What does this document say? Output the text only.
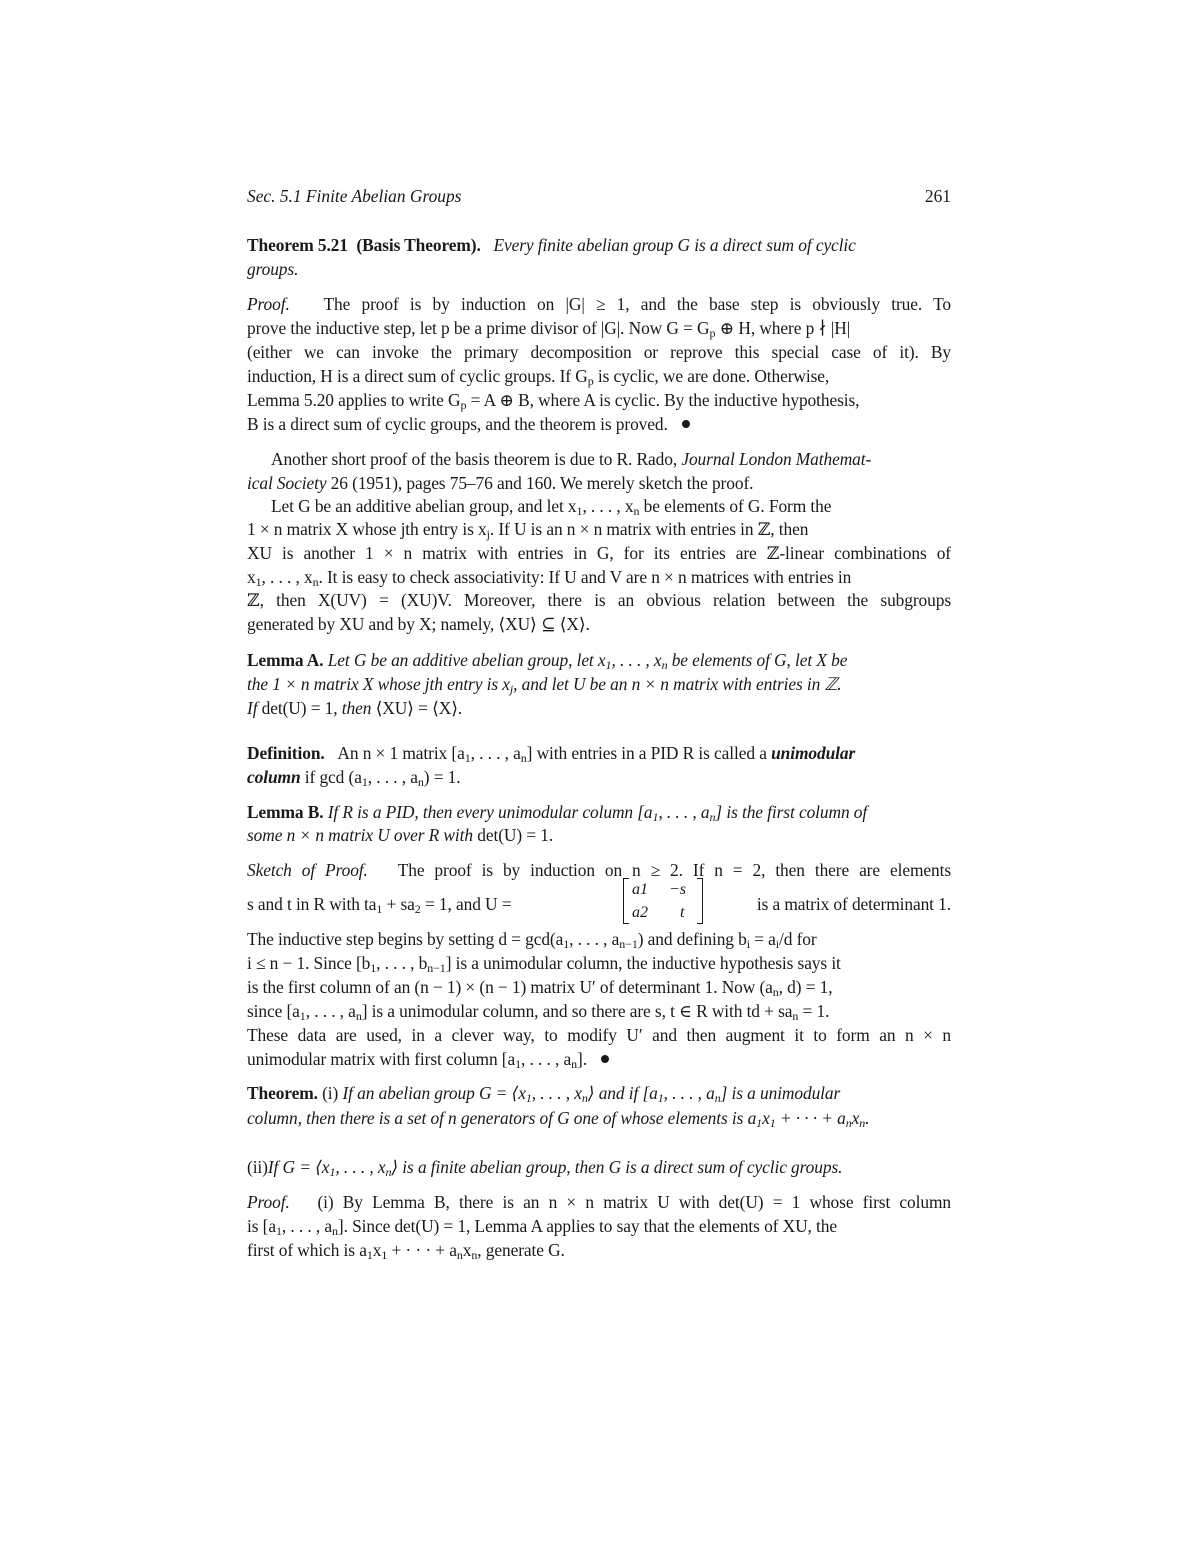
Sec. 5.1 Finite Abelian Groups	261
Theorem 5.21 (Basis Theorem). Every finite abelian group G is a direct sum of cyclic
groups.
Proof. The proof is by induction on |G| ≥ 1, and the base step is obviously true. To
prove the inductive step, let p be a prime divisor of |G|. Now $G = G_p$ ⊕ H, where p ∤ |H|
(either we can invoke the primary decomposition or reprove this special case of it). By
induction, H is a direct sum of cyclic groups. If $G_p$ is cyclic, we are done. Otherwise,
Lemma 5.20 applies to write $G_p = A$ ⊕ B, where A is cyclic. By the inductive hypothesis,
B is a direct sum of cyclic groups, and the theorem is proved.
Another short proof of the basis theorem is due to R. Rado, Journal London Mathemat-
ical Society 26 (1951), pages 75–76 and 160. We merely sketch the proof.
Let G be an additive abelian group, and let $x_1$, . . . , $x_n$ be elements of G. Form the
1 × n matrix X whose jth entry is $x_j$. If U is an n × n matrix with entries in ℤ, then
XU is another 1 × n matrix with entries in G, for its entries are ℤ-linear combinations of
$x_1$, . . . , $x_n$. It is easy to check associativity: If U and V are n × n matrices with entries in
ℤ, then X(UV) = (XU)V. Moreover, there is an obvious relation between the subgroups
generated by XU and by X; namely, ⟨XU⟩ ⊆ ⟨X⟩.
Lemma A. Let G be an additive abelian group, let $x_1$, . . . , $x_n$ be elements of G, let X be
the 1 × n matrix X whose jth entry is $x_j$, and let U be an n × n matrix with entries in ℤ.
If det(U) = 1, then ⟨XU⟩ = ⟨X⟩.
Definition. An n × 1 matrix [$a_1$, . . . , $a_n$] with entries in a PID R is called a unimodular
column if $\gcd (a_1$, . . . , $a_n) = 1$.
Lemma B. If R is a PID, then every unimodular column [$a_1$, . . . , $a_n$] is the first column of
some n × n matrix U over R with det(U) = 1.
Sketch of Proof. The proof is by induction on n ≥ 2. If n = 2, then there are elements
s and t in R with $ta_1 + sa_2 = 1$, and U =
a1 −s
a2 t	is a matrix of determinant 1.
The inductive step begins by setting $d = \gcd(a_1$, . . . , $a_{n-1}$) and defining $b_i = a_i/d$ for
i ≤ n − 1. Since [$b_1$, . . . , $b_{n-1}$] is a unimodular column, the inductive hypothesis says it
is the first column of an (n − 1) × (n − 1) matrix U′ of determinant 1. Now ($a_n$, d) = 1,
since [$a_1$, . . . , $a_n$] is a unimodular column, and so there are s, t ∈ R with td + $sa_n = 1$.
These data are used, in a clever way, to modify U′ and then augment it to form an n × n
unimodular matrix with first column [$a_1$, . . . , $a_n$].
Theorem. (i) If an abelian group $G = ⟨x_1$, . . . , $x_n⟩$ and if [$a_1$, . . . , $a_n$] is a unimodular
column, then there is a set of n generators of G one of whose elements is $a_1x_1$ + · · · + $a_nx_n$.
(ii)If $G = ⟨x_1$, . . . , $x_n⟩$ is a finite abelian group, then G is a direct sum of cyclic groups.
Proof. (i) By Lemma B, there is an n × n matrix U with det(U) = 1 whose first column
is [$a_1$, . . . , $a_n$]. Since det(U) = 1, Lemma A applies to say that the elements of XU, the
first of which is $a_1x_1$ + · · · + $a_nx_n$, generate G.
